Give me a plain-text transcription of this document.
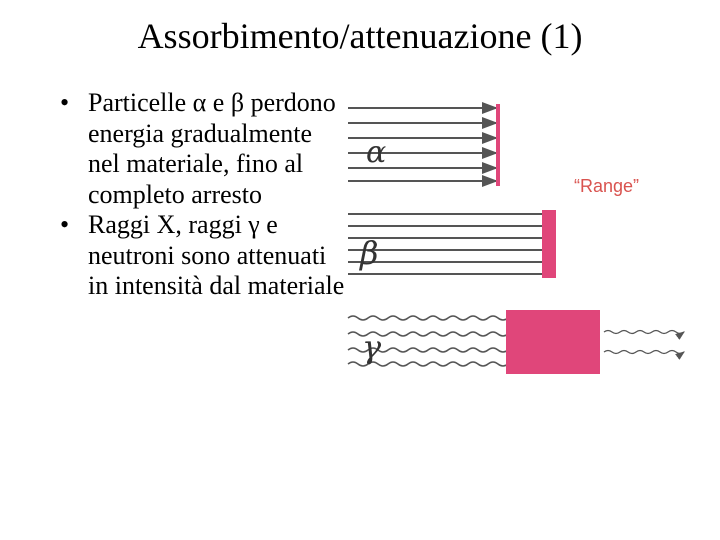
Assorbimento/attenuazione (1)
• Particelle α e β perdono energia gradualmente nel materiale, fino al completo arresto
• Raggi X, raggi γ e neutroni sono attenuati in intensità dal materiale
α
β
γ
“Range”
